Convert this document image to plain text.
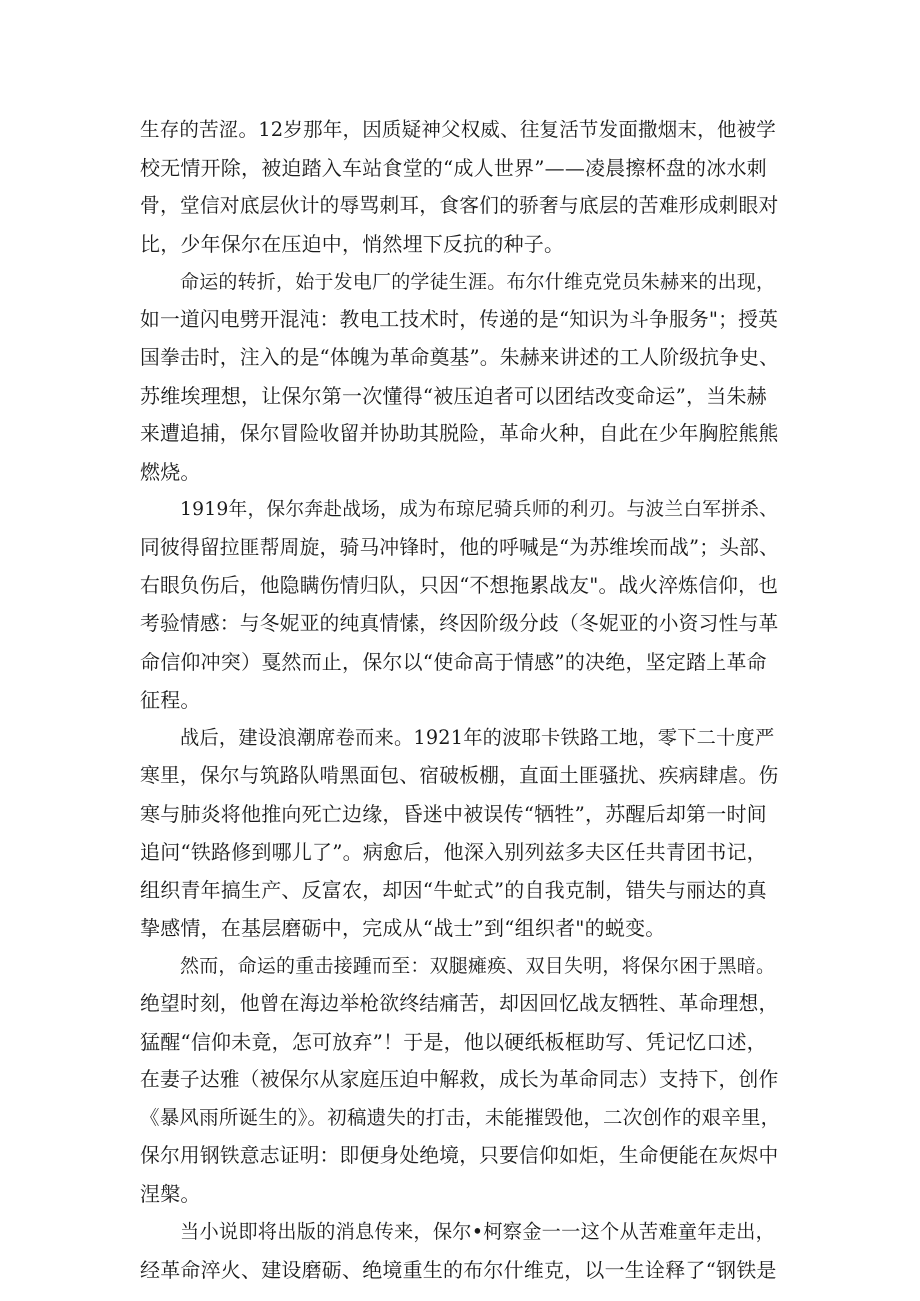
生存的苦涩。12岁那年，因质疑神父权威、往复活节发面撒烟末，他被学
校无情开除，被迫踏入车站食堂的“成人世界”——凌晨擦杯盘的冰水刺
骨，堂信对底层伙计的辱骂刺耳，食客们的骄奢与底层的苦难形成刺眼对
比，少年保尔在压迫中，悄然埋下反抗的种子。
命运的转折，始于发电厂的学徒生涯。布尔什维克党员朱赫来的出现，
如一道闪电劈开混沌：教电工技术时，传递的是“知识为斗争服务"；授英
国拳击时，注入的是“体魄为革命奠基”。朱赫来讲述的工人阶级抗争史、
苏维埃理想，让保尔第一次懂得“被压迫者可以团结改变命运”，当朱赫
来遭追捕，保尔冒险收留并协助其脱险，革命火种，自此在少年胸腔熊熊
燃烧。
1919年，保尔奔赴战场，成为布琼尼骑兵师的利刃。与波兰白军拼杀、
同彼得留拉匪帮周旋，骑马冲锋时，他的呼喊是“为苏维埃而战”；头部、
右眼负伤后，他隐瞒伤情归队，只因“不想拖累战友"。战火淬炼信仰，也
考验情感：与冬妮亚的纯真情愫，终因阶级分歧（冬妮亚的小资习性与革
命信仰冲突）戛然而止，保尔以“使命高于情感”的决绝，坚定踏上革命
征程。
战后，建设浪潮席卷而来。1921年的波耶卡铁路工地，零下二十度严
寒里，保尔与筑路队啃黑面包、宿破板棚，直面土匪骚扰、疾病肆虐。伤
寒与肺炎将他推向死亡边缘，昏迷中被误传“牺牲”，苏醒后却第一时间
追问“铁路修到哪儿了”。病愈后，他深入别列兹多夫区任共青团书记，
组织青年搞生产、反富农，却因“牛虻式”的自我克制，错失与丽达的真
挚感情，在基层磨砺中，完成从“战士”到“组织者"的蜕变。
然而，命运的重击接踵而至：双腿瘫痪、双目失明，将保尔困于黑暗。
绝望时刻，他曾在海边举枪欲终结痛苦，却因回忆战友牺牲、革命理想，
猛醒“信仰未竟，怎可放弃”！于是，他以硬纸板框助写、凭记忆口述，
在妻子达雅（被保尔从家庭压迫中解救，成长为革命同志）支持下，创作
《暴风雨所诞生的》。初稿遗失的打击，未能摧毁他，二次创作的艰辛里，
保尔用钢铁意志证明：即便身处绝境，只要信仰如炬，生命便能在灰烬中
涅槃。
当小说即将出版的消息传来，保尔•柯察金一一这个从苦难童年走出，
经革命淬火、建设磨砺、绝境重生的布尔什维克，以一生诠释了“钢铁是
